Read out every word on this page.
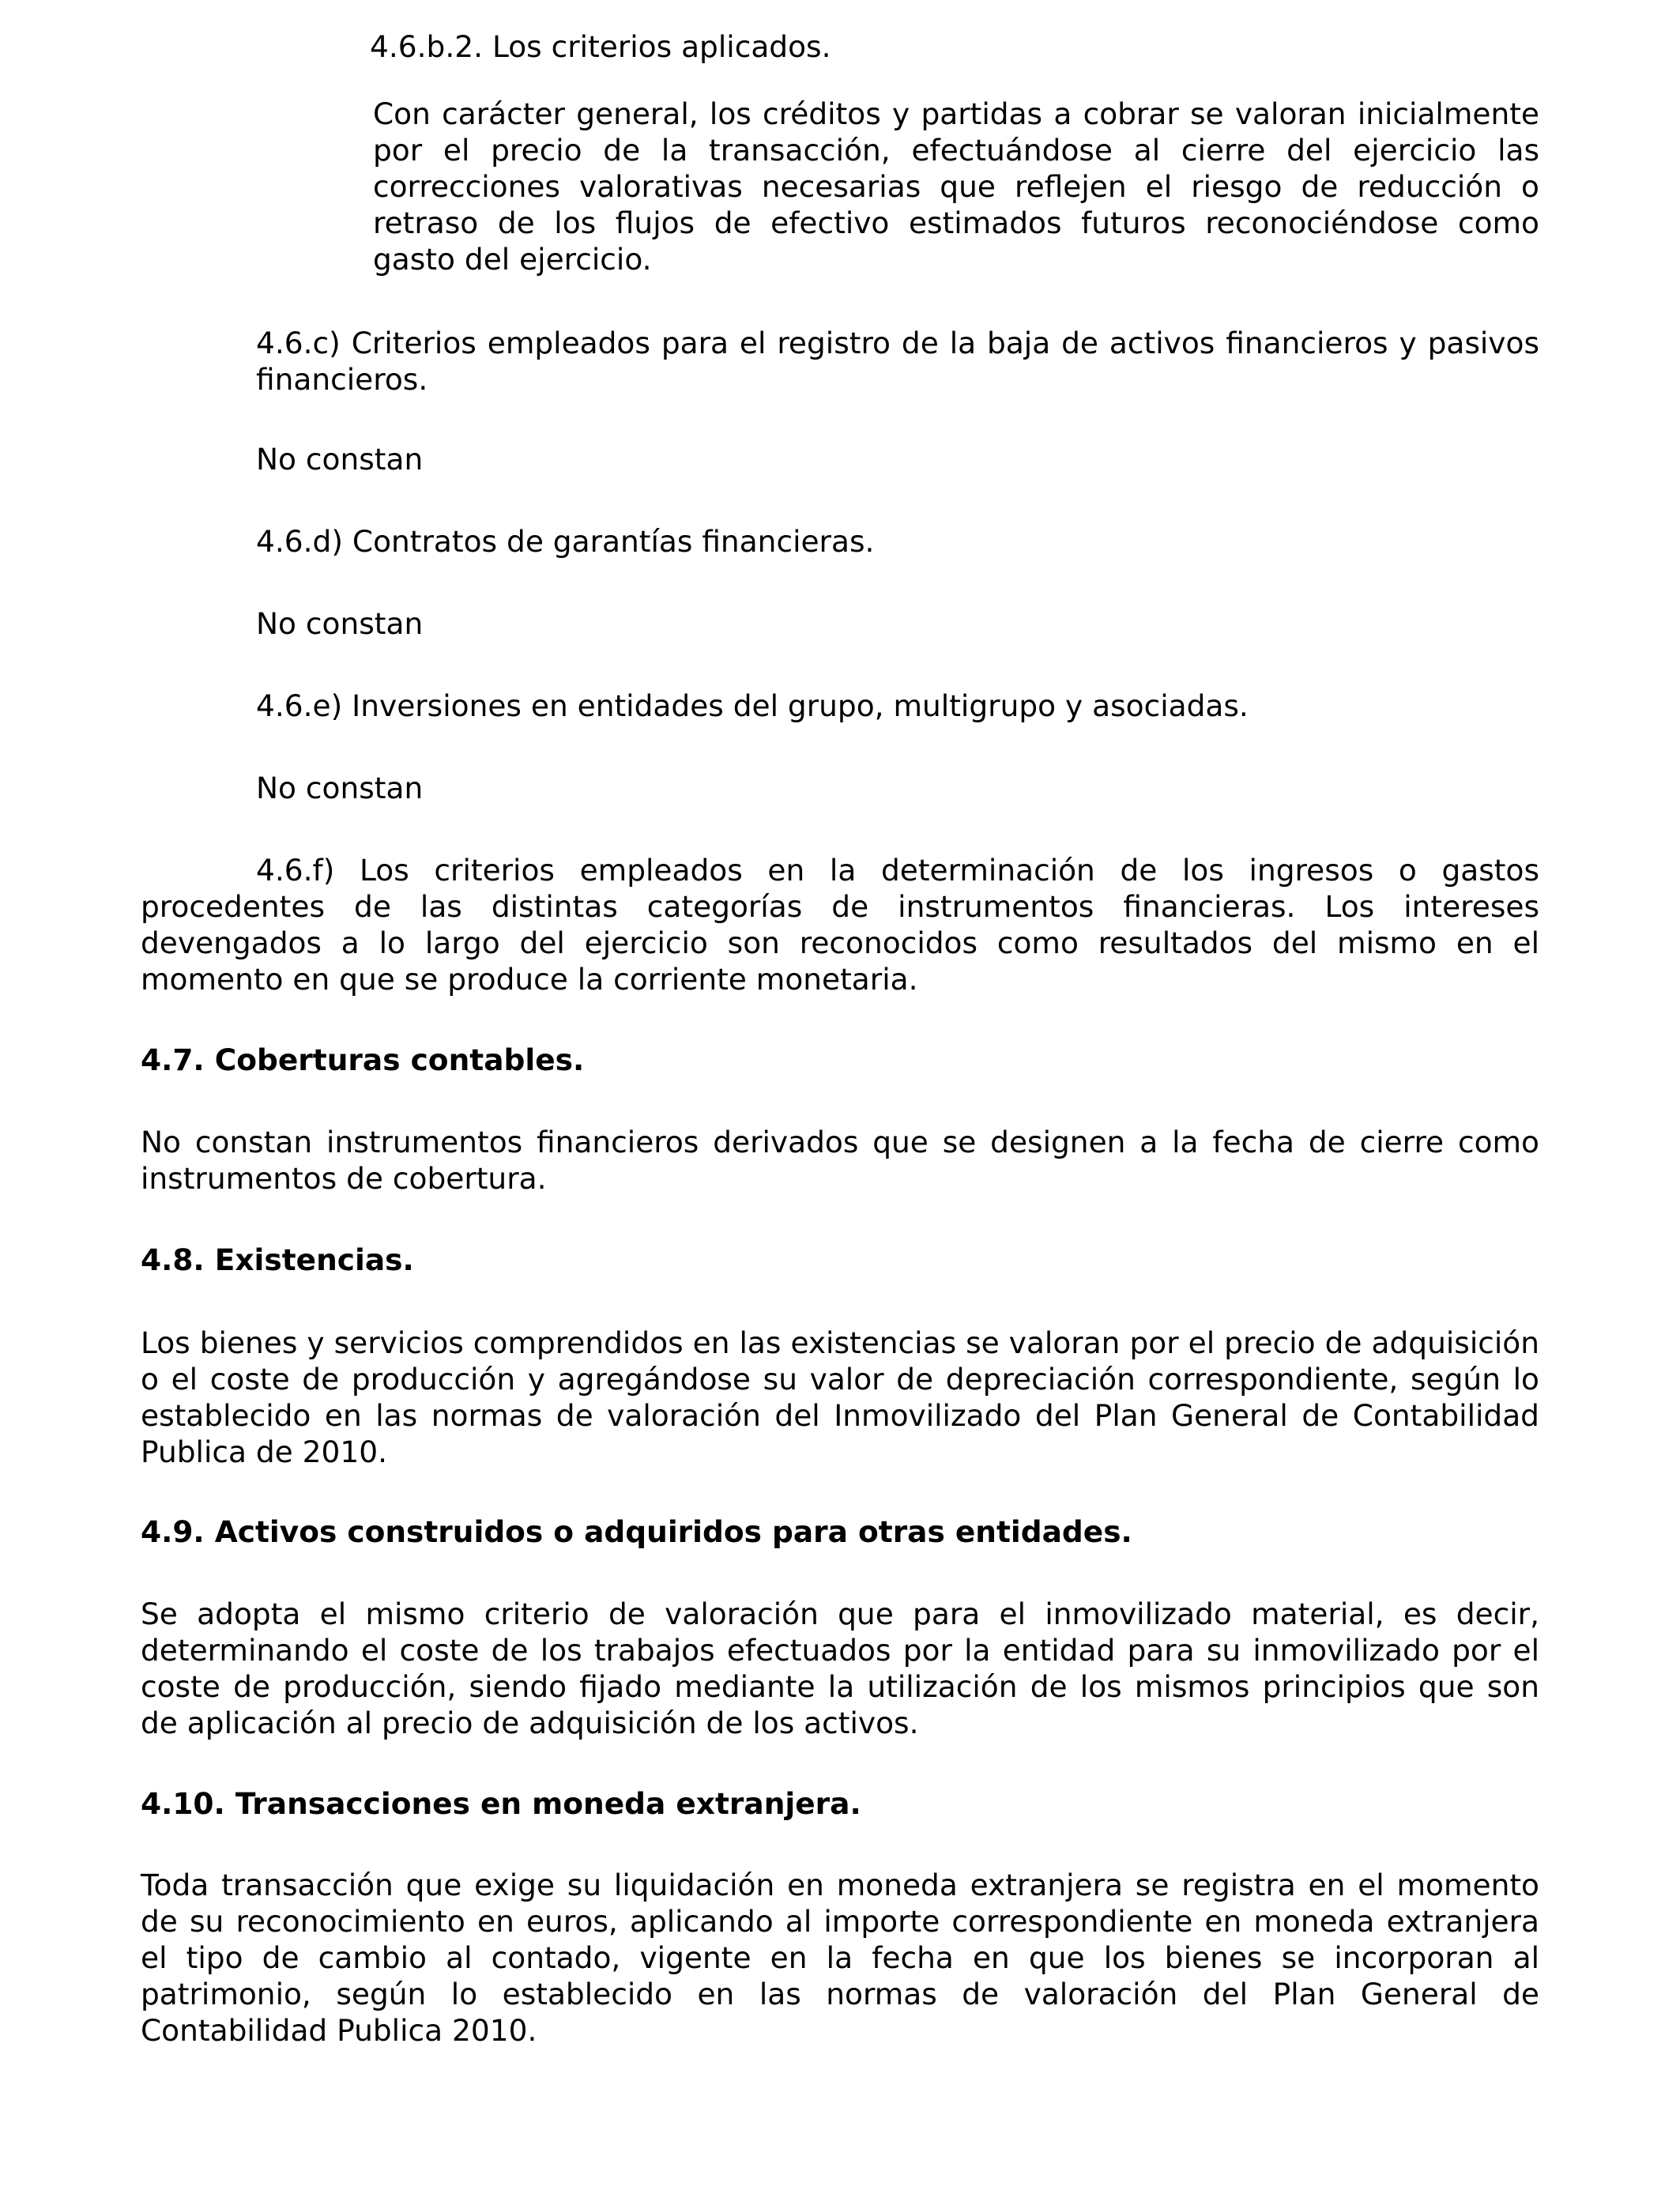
4.6.b.2. Los criterios aplicados.

Con carácter general, los créditos y partidas a cobrar se valoran inicialmente por el precio de la transacción, efectuándose al cierre del ejercicio las correcciones valorativas necesarias que reflejen el riesgo de reducción o retraso de los flujos de efectivo estimados futuros reconociéndose como gasto del ejercicio.

4.6.c) Criterios empleados para el registro de la baja de activos financieros y pasivos financieros.

No constan

4.6.d) Contratos de garantías financieras.

No constan

4.6.e) Inversiones en entidades del grupo, multigrupo y asociadas.

No constan

4.6.f) Los criterios empleados en la determinación de los ingresos o gastos procedentes de las distintas categorías de instrumentos financieras. Los intereses devengados a lo largo del ejercicio son reconocidos como resultados del mismo en el momento en que se produce la corriente monetaria.

4.7. Coberturas contables.

No constan instrumentos financieros derivados que se designen a la fecha de cierre como instrumentos de cobertura.

4.8. Existencias.

Los bienes y servicios comprendidos en las existencias se valoran por el precio de adquisición o el coste de producción y agregándose su valor de depreciación correspondiente, según lo establecido en las normas de valoración del Inmovilizado del Plan General de Contabilidad Publica de 2010.

4.9. Activos construidos o adquiridos para otras entidades.

Se adopta el mismo criterio de valoración que para el inmovilizado material, es decir, determinando el coste de los trabajos efectuados por la entidad para su inmovilizado por el coste de producción, siendo fijado mediante la utilización de los mismos principios que son de aplicación al precio de adquisición de los activos.

4.10. Transacciones en moneda extranjera.

Toda transacción que exige su liquidación en moneda extranjera se registra en el momento de su reconocimiento en euros, aplicando al importe correspondiente en moneda extranjera el tipo de cambio al contado, vigente en la fecha en que los bienes se incorporan al patrimonio, según lo establecido en las normas de valoración del Plan General de Contabilidad Publica 2010.
